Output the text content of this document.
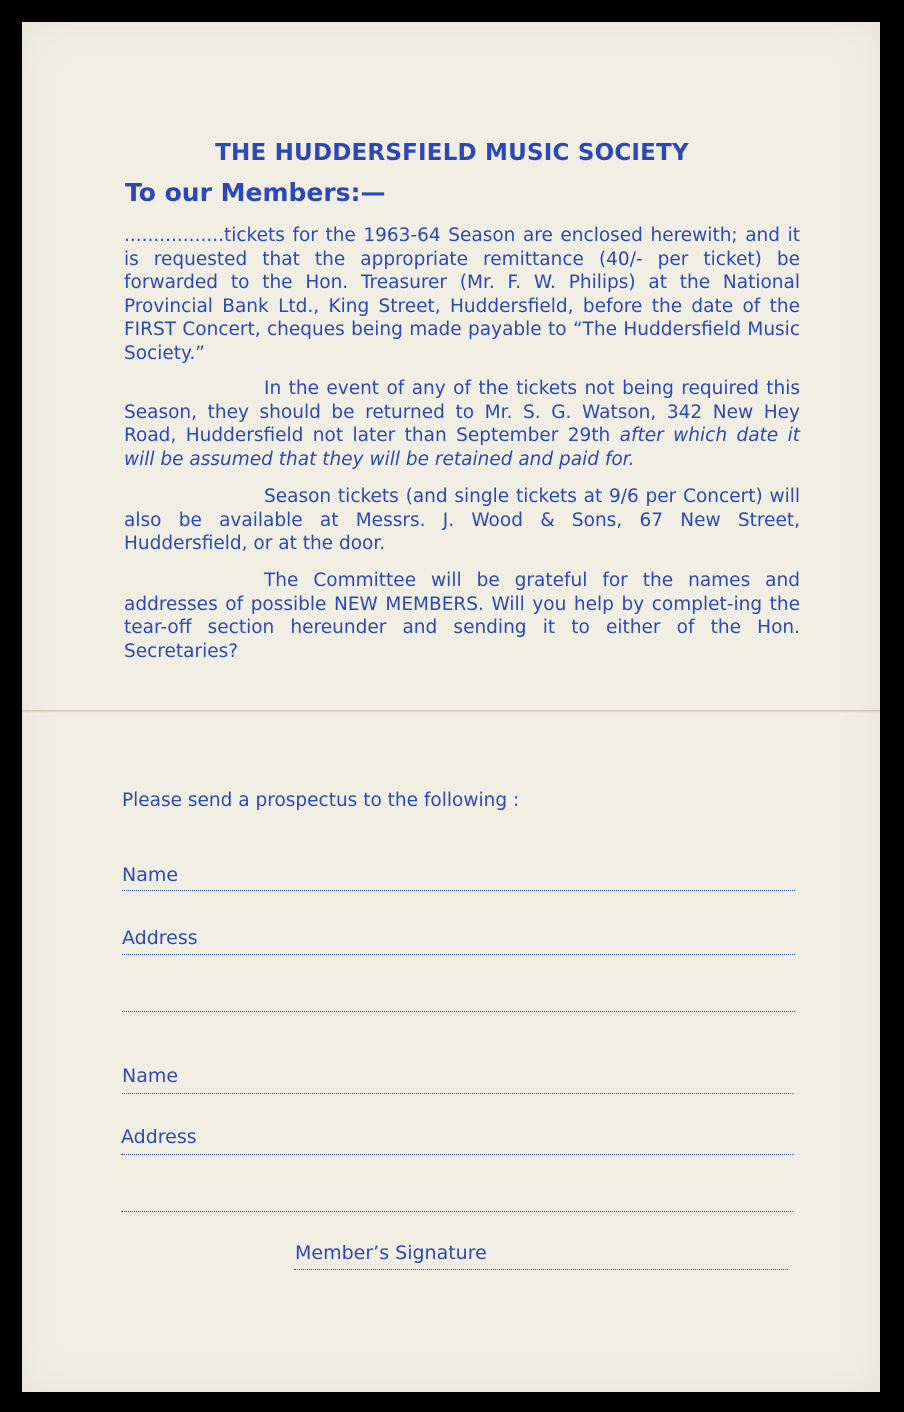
THE HUDDERSFIELD MUSIC SOCIETY
To our Members:—

.................tickets for the 1963-64 Season are enclosed herewith; and it is requested that the appropriate remittance (40/- per ticket) be forwarded to the Hon. Treasurer (Mr. F. W. Philips) at the National Provincial Bank Ltd., King Street, Huddersfield, before the date of the FIRST Concert, cheques being made payable to “The Huddersfield Music Society.”

In the event of any of the tickets not being required this Season, they should be returned to Mr. S. G. Watson, 342 New Hey Road, Huddersfield not later than September 29th after which date it will be assumed that they will be retained and paid for.

Season tickets (and single tickets at 9/6 per Concert) will also be available at Messrs. J. Wood & Sons, 67 New Street, Huddersfield, or at the door.

The Committee will be grateful for the names and addresses of possible NEW MEMBERS. Will you help by complet-ing the tear-off section hereunder and sending it to either of the Hon. Secretaries?

Please send a prospectus to the following :

Name

Address

Name

Address

Member’s Signature
